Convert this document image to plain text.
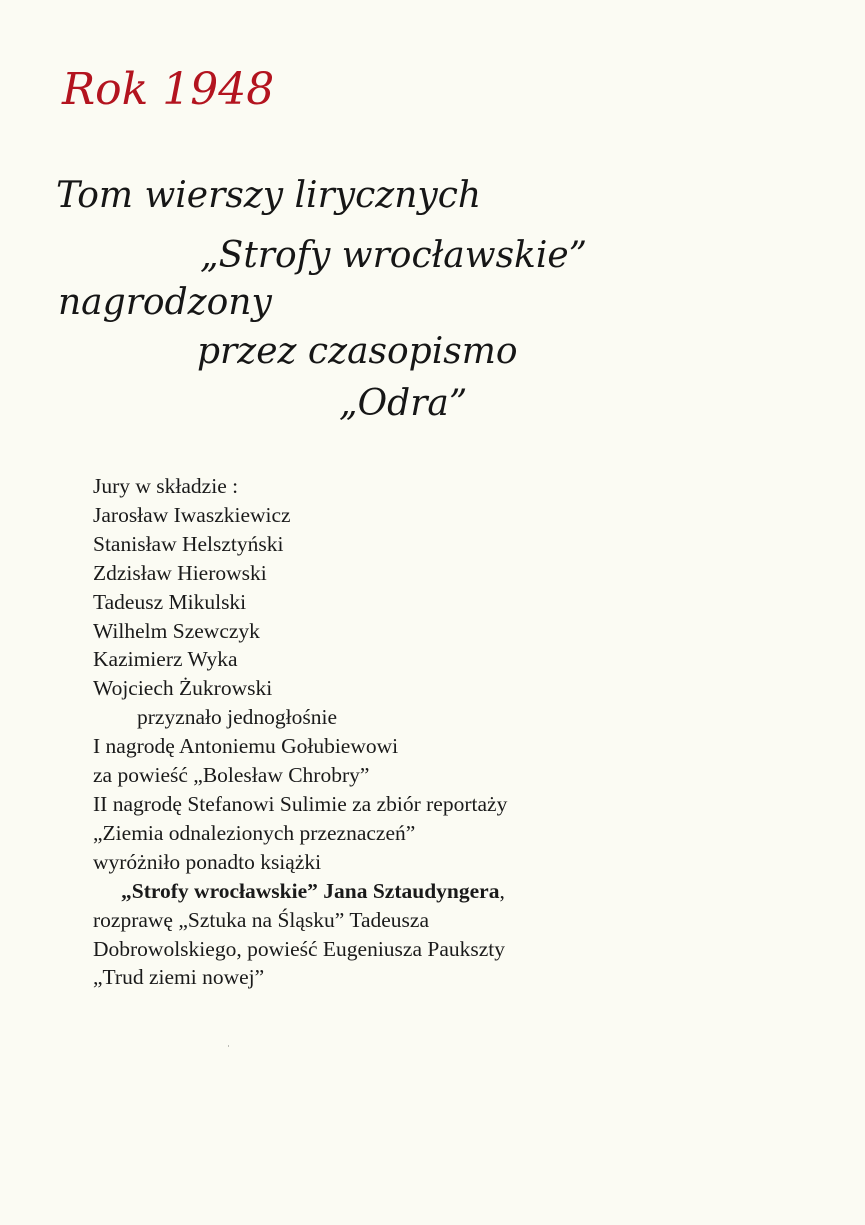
Rok 1948
Tom wierszy lirycznych
„Strofy wrocławskie”
nagrodzony
przez czasopismo
„Odra”
Jury w składzie :
Jarosław Iwaszkiewicz
Stanisław Helsztyński
Zdzisław Hierowski
Tadeusz Mikulski
Wilhelm Szewczyk
Kazimierz Wyka
Wojciech Żukrowski
przyznało jednogłośnie
I nagrodę Antoniemu Gołubiewowi
za powieść „Bolesław Chrobry”
II nagrodę Stefanowi Sulimie za zbiór reportaży
„Ziemia odnalezionych przeznaczeń”
wyróżniło ponadto książki
„Strofy wrocławskie” Jana Sztaudyngera,
rozprawę „Sztuka na Śląsku” Tadeusza
Dobrowolskiego, powieść Eugeniusza Paukszty
„Trud ziemi nowej”
